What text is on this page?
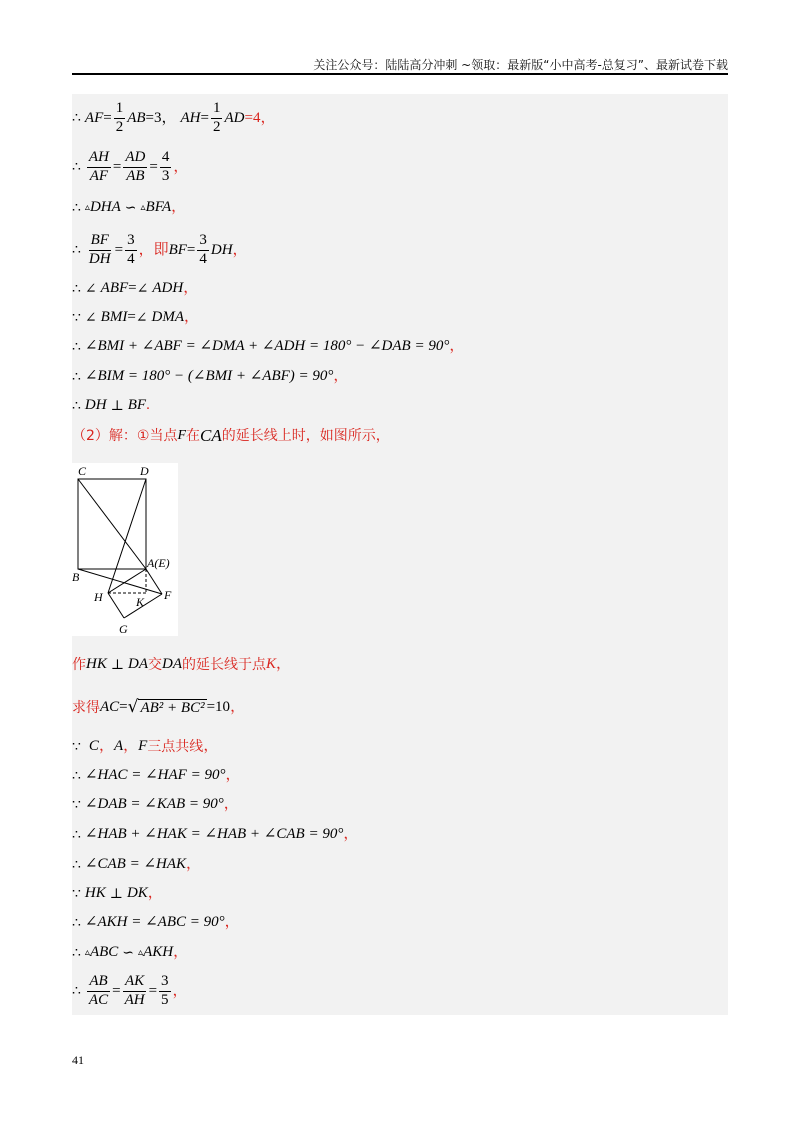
关注公众号：陆陆高分冲刺 ~领取：最新版“小中高考-总复习”、最新试卷下载
∴ AF = $\frac{1}{2}$ AB =3， AH = $\frac{1}{2}$ AD =4，
∴ $\frac{AH}{AF} = \frac{AD}{AB} = \frac{4}{3}$ ，
∴ ▵ DHA ∽ ▵ BFA ，
∴ $\frac{BF}{DH} = \frac{3}{4}$ ，即 BF = $\frac{3}{4}$ DH ，
∴ ∠ ABF = ∠ ADH ，
∵ ∠ BMI = ∠ DMA ，
∴ ∠BMI + ∠ABF = ∠DMA + ∠ADH = 180° − ∠DAB = 90° ，
∴ ∠BIM = 180° − (∠BMI + ∠ABF) = 90° ，
∴ DH ⊥ BF .
（2）解：①当点 F 在 CA 的延长线上时，如图所示，
C	D
B
A(E)
H	K F
G
作 HK ⊥ DA 交 DA 的延长线于点 K ，
求得 AC = √ AB² + BC² =10 ，
∵ C ， A ， F 三点共线 ，
∴ ∠HAC = ∠HAF = 90° ，
∵ ∠DAB = ∠KAB = 90° ，
∴ ∠HAB + ∠HAK = ∠HAB + ∠CAB = 90° ，
∴ ∠CAB = ∠HAK ，
∵ HK ⊥ DK ，
∴ ∠AKH = ∠ABC = 90° ，
∴ ▵ ABC ∽ ▵ AKH ，
∴ $\frac{AB}{AC} = \frac{AK}{AH} = \frac{3}{5}$ ，
41
